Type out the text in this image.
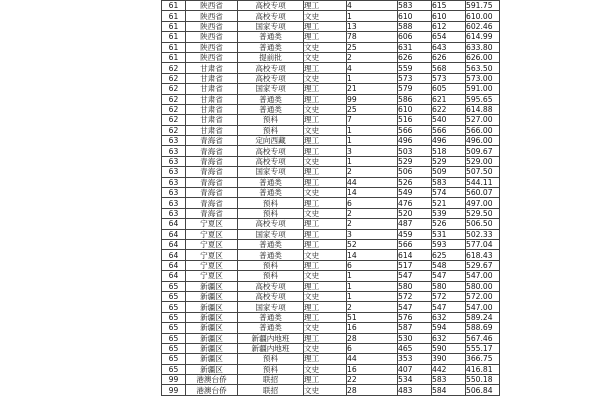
61	陕西省	高校专项	理工	4	583	615	591.75
61	陕西省	高校专项	文史	1	610	610	610.00
61	陕西省	国家专项	理工	13	588	612	602.46
61	陕西省	普通类	理工	78	606	654	614.99
61	陕西省	普通类	文史	25	631	643	633.80
61	陕西省	提前批	文史	2	626	626	626.00
62	甘肃省	高校专项	理工	4	559	568	563.50
62	甘肃省	高校专项	文史	1	573	573	573.00
62	甘肃省	国家专项	理工	21	579	605	591.00
62	甘肃省	普通类	理工	99	586	621	595.65
62	甘肃省	普通类	文史	25	610	622	614.88
62	甘肃省	预科	理工	7	516	540	527.00
62	甘肃省	预科	文史	1	566	566	566.00
63	青海省	定向西藏	理工	1	496	496	496.00
63	青海省	高校专项	理工	3	503	518	509.67
63	青海省	高校专项	文史	1	529	529	529.00
63	青海省	国家专项	理工	2	506	509	507.50
63	青海省	普通类	理工	44	526	583	544.11
63	青海省	普通类	文史	14	549	574	560.07
63	青海省	预科	理工	6	476	521	497.00
63	青海省	预科	文史	2	520	539	529.50
64	宁夏区	高校专项	理工	2	487	526	506.50
64	宁夏区	国家专项	理工	3	459	531	502.33
64	宁夏区	普通类	理工	52	566	593	577.04
64	宁夏区	普通类	文史	14	614	625	618.43
64	宁夏区	预科	理工	6	517	548	529.67
64	宁夏区	预科	文史	1	547	547	547.00
65	新疆区	高校专项	理工	1	580	580	580.00
65	新疆区	高校专项	文史	1	572	572	572.00
65	新疆区	国家专项	理工	2	547	547	547.00
65	新疆区	普通类	理工	51	576	632	589.24
65	新疆区	普通类	文史	16	587	594	588.69
65	新疆区	新疆内地班	理工	28	530	632	567.46
65	新疆区	新疆内地班	文史	6	465	590	555.17
65	新疆区	预科	理工	44	353	390	366.75
65	新疆区	预科	文史	16	407	442	416.81
99	港澳台侨	联招	理工	22	534	583	550.18
99	港澳台侨	联招	文史	28	483	584	506.84
